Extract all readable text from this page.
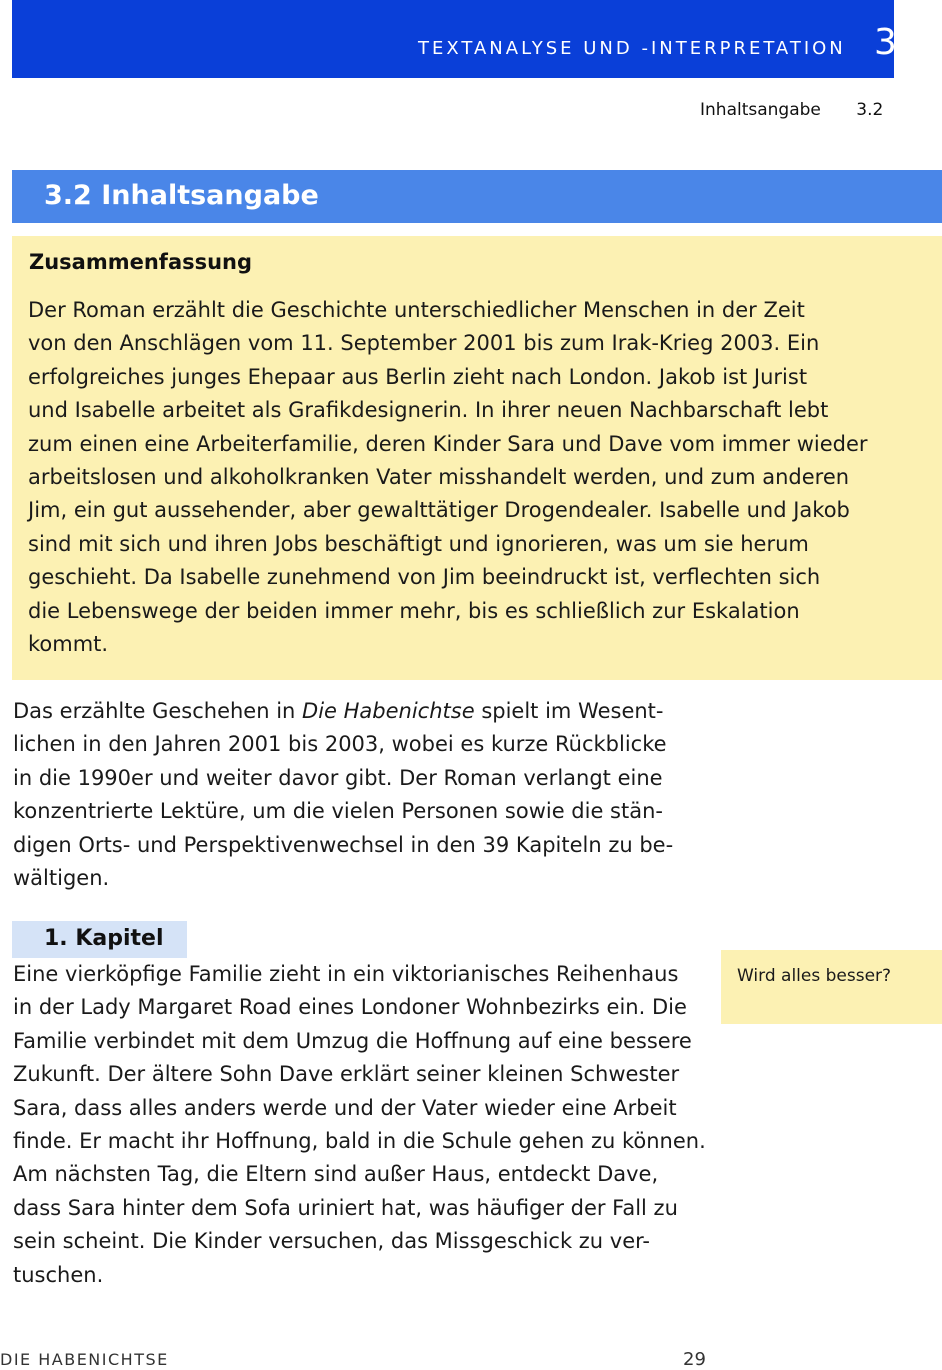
TEXTANALYSE UND -INTERPRETATION 3
Inhaltsangabe 3.2
3.2 Inhaltsangabe
Zusammenfassung
Der Roman erzählt die Geschichte unterschiedlicher Menschen in der Zeit
von den Anschlägen vom 11. September 2001 bis zum Irak-Krieg 2003. Ein
erfolgreiches junges Ehepaar aus Berlin zieht nach London. Jakob ist Jurist
und Isabelle arbeitet als Grafikdesignerin. In ihrer neuen Nachbarschaft lebt
zum einen eine Arbeiterfamilie, deren Kinder Sara und Dave vom immer wieder
arbeitslosen und alkoholkranken Vater misshandelt werden, und zum anderen
Jim, ein gut aussehender, aber gewalttätiger Drogendealer. Isabelle und Jakob
sind mit sich und ihren Jobs beschäftigt und ignorieren, was um sie herum
geschieht. Da Isabelle zunehmend von Jim beeindruckt ist, verflechten sich
die Lebenswege der beiden immer mehr, bis es schließlich zur Eskalation
kommt.
Das erzählte Geschehen in Die Habenichtse spielt im Wesent-
lichen in den Jahren 2001 bis 2003, wobei es kurze Rückblicke
in die 1990er und weiter davor gibt. Der Roman verlangt eine
konzentrierte Lektüre, um die vielen Personen sowie die stän-
digen Orts- und Perspektivenwechsel in den 39 Kapiteln zu be-
wältigen.
1. Kapitel
Wird alles besser?
Eine vierköpfige Familie zieht in ein viktorianisches Reihenhaus
in der Lady Margaret Road eines Londoner Wohnbezirks ein. Die
Familie verbindet mit dem Umzug die Hoffnung auf eine bessere
Zukunft. Der ältere Sohn Dave erklärt seiner kleinen Schwester
Sara, dass alles anders werde und der Vater wieder eine Arbeit
finde. Er macht ihr Hoffnung, bald in die Schule gehen zu können.
Am nächsten Tag, die Eltern sind außer Haus, entdeckt Dave,
dass Sara hinter dem Sofa uriniert hat, was häufiger der Fall zu
sein scheint. Die Kinder versuchen, das Missgeschick zu ver-
tuschen.
DIE HABENICHTSE	29
